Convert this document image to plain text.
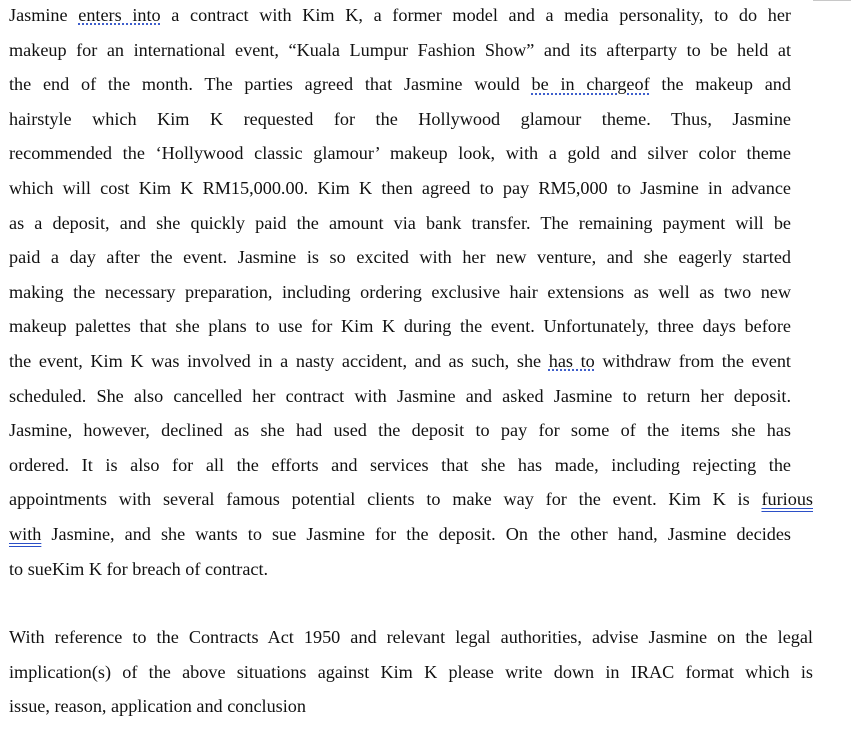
Jasmine enters into a contract with Kim K, a former model and a media personality, to do her
makeup for an international event, “Kuala Lumpur Fashion Show” and its afterparty to be held at
the end of the month. The parties agreed that Jasmine would be in chargeof the makeup and
hairstyle which Kim K requested for the Hollywood glamour theme. Thus, Jasmine
recommended the ‘Hollywood classic glamour’ makeup look, with a gold and silver color theme
which will cost Kim K RM15,000.00. Kim K then agreed to pay RM5,000 to Jasmine in advance
as a deposit, and she quickly paid the amount via bank transfer. The remaining payment will be
paid a day after the event. Jasmine is so excited with her new venture, and she eagerly started
making the necessary preparation, including ordering exclusive hair extensions as well as two new
makeup palettes that she plans to use for Kim K during the event. Unfortunately, three days before
the event, Kim K was involved in a nasty accident, and as such, she has to withdraw from the event
scheduled. She also cancelled her contract with Jasmine and asked Jasmine to return her deposit.
Jasmine, however, declined as she had used the deposit to pay for some of the items she has
ordered. It is also for all the efforts and services that she has made, including rejecting the
appointments with several famous potential clients to make way for the event. Kim K is furious
with Jasmine, and she wants to sue Jasmine for the deposit. On the other hand, Jasmine decides
to sueKim K for breach of contract.
With reference to the Contracts Act 1950 and relevant legal authorities, advise Jasmine on the legal
implication(s) of the above situations against Kim K please write down in IRAC format which is
issue, reason, application and conclusion
